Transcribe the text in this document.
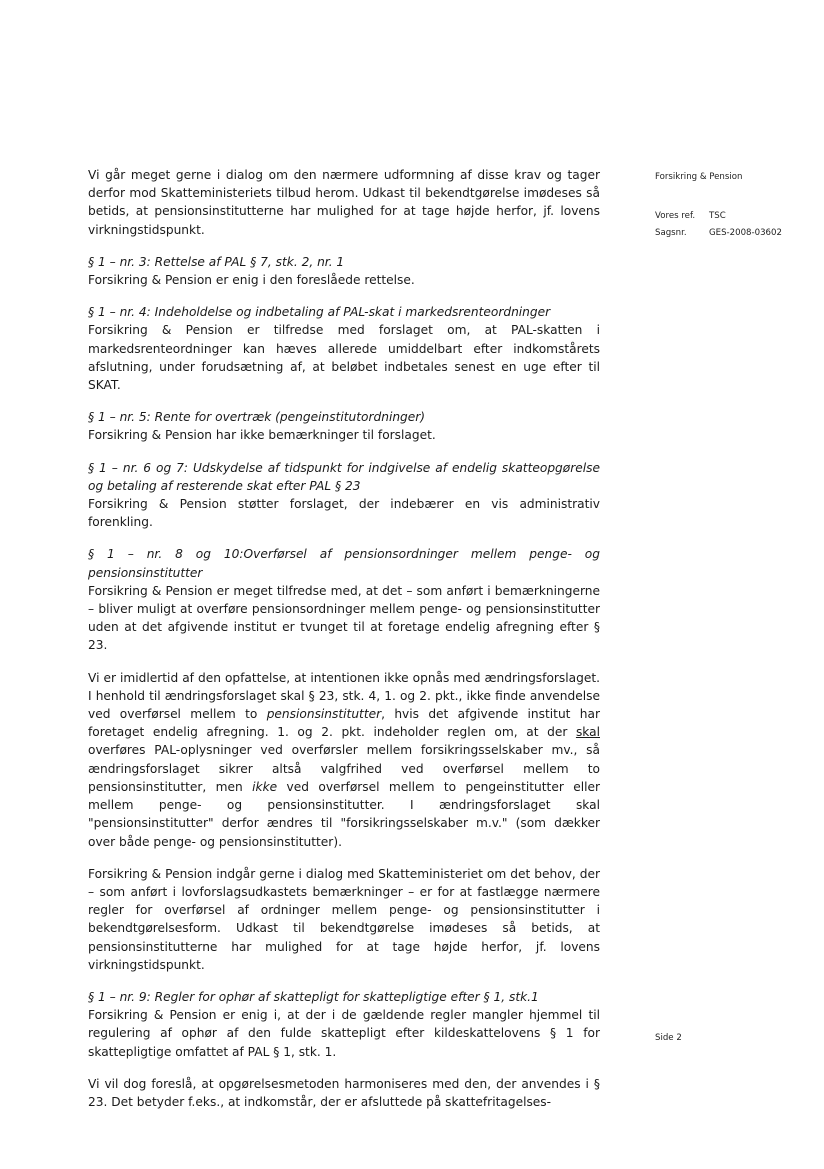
Vi går meget gerne i dialog om den nærmere udformning af disse krav og tager derfor mod Skatteministeriets tilbud herom. Udkast til bekendtgørelse imødeses så betids, at pensionsinstitutterne har mulighed for at tage højde herfor, jf. lovens virkningstidspunkt.

§ 1 – nr. 3: Rettelse af PAL § 7, stk. 2, nr. 1

Forsikring & Pension er enig i den foreslåede rettelse.

§ 1 – nr. 4: Indeholdelse og indbetaling af PAL-skat i markedsrenteordninger

Forsikring & Pension er tilfredse med forslaget om, at PAL-skatten i markedsrenteordninger kan hæves allerede umiddelbart efter indkomstårets afslutning, under forudsætning af, at beløbet indbetales senest en uge efter til SKAT.

§ 1 – nr. 5: Rente for overtræk (pengeinstitutordninger)

Forsikring & Pension har ikke bemærkninger til forslaget.

§ 1 – nr. 6 og 7: Udskydelse af tidspunkt for indgivelse af endelig skatteopgørelse og betaling af resterende skat efter PAL § 23

Forsikring & Pension støtter forslaget, der indebærer en vis administrativ forenkling.

§ 1 – nr. 8 og 10:Overførsel af pensionsordninger mellem penge- og pensionsinstitutter

Forsikring & Pension er meget tilfredse med, at det – som anført i bemærkningerne – bliver muligt at overføre pensionsordninger mellem penge- og pensionsinstitutter uden at det afgivende institut er tvunget til at foretage endelig afregning efter § 23.

Vi er imidlertid af den opfattelse, at intentionen ikke opnås med ændringsforslaget. I henhold til ændringsforslaget skal § 23, stk. 4, 1. og 2. pkt., ikke finde anvendelse ved overførsel mellem to pensionsinstitutter, hvis det afgivende institut har foretaget endelig afregning. 1. og 2. pkt. indeholder reglen om, at der skal overføres PAL-oplysninger ved overførsler mellem forsikringsselskaber mv., så ændringsforslaget sikrer altså valgfrihed ved overførsel mellem to pensionsinstitutter, men ikke ved overførsel mellem to pengeinstitutter eller mellem penge- og pensionsinstitutter. I ændringsforslaget skal "pensionsinstitutter" derfor ændres til "forsikringsselskaber m.v." (som dækker over både penge- og pensionsinstitutter).

Forsikring & Pension indgår gerne i dialog med Skatteministeriet om det behov, der – som anført i lovforslagsudkastets bemærkninger – er for at fastlægge nærmere regler for overførsel af ordninger mellem penge- og pensionsinstitutter i bekendtgørelsesform. Udkast til bekendtgørelse imødeses så betids, at pensionsinstitutterne har mulighed for at tage højde herfor, jf. lovens virkningstidspunkt.

§ 1 – nr. 9: Regler for ophør af skattepligt for skattepligtige efter § 1, stk.1

Forsikring & Pension er enig i, at der i de gældende regler mangler hjemmel til regulering af ophør af den fulde skattepligt efter kildeskattelovens § 1 for skattepligtige omfattet af PAL § 1, stk. 1.

Vi vil dog foreslå, at opgørelsesmetoden harmoniseres med den, der anvendes i § 23. Det betyder f.eks., at indkomstår, der er afsluttede på skattefritagelses-

Forsikring & Pension
Vores ref. TSC
Sagsnr.	GES-2008-03602
Side 2
